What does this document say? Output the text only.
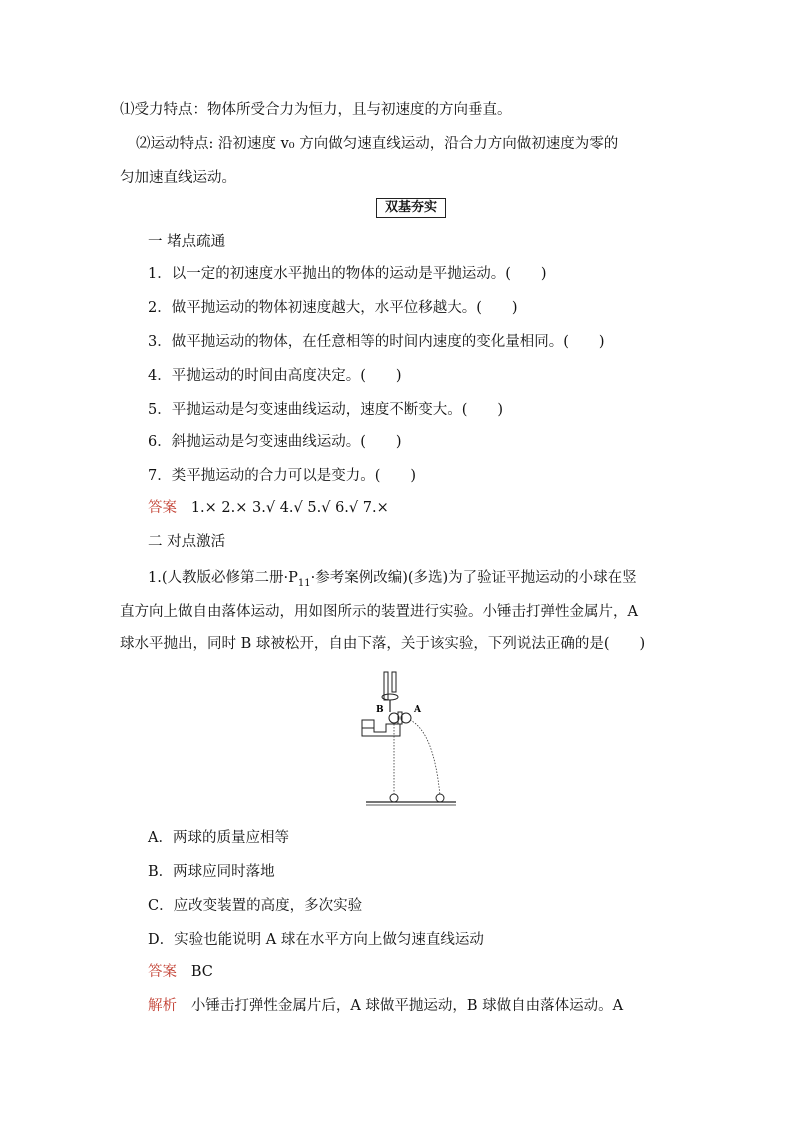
⑴受力特点：物体所受合力为恒力，且与初速度的方向垂直。
⑵运动特点: 沿初速度 v₀ 方向做匀速直线运动，沿合力方向做初速度为零的
匀加速直线运动。
双基夯实
一 堵点疏通
1．以一定的初速度水平抛出的物体的运动是平抛运动。( )
2．做平抛运动的物体初速度越大，水平位移越大。( )
3．做平抛运动的物体，在任意相等的时间内速度的变化量相同。( )
4．平抛运动的时间由高度决定。( )
5．平抛运动是匀变速曲线运动，速度不断变大。( )
6．斜抛运动是匀变速曲线运动。( )
7．类平抛运动的合力可以是变力。( )
答案 1.× 2.× 3.√ 4.√ 5.√ 6.√ 7.×
二 对点激活
1.(人教版必修第二册$\cdot P_{11}\cdot$参考案例改编)(多选)为了验证平抛运动的小球在竖
直方向上做自由落体运动，用如图所示的装置进行实验。小锤击打弹性金属片，A
球水平抛出，同时 B 球被松开，自由下落，关于该实验，下列说法正确的是( )
B	A
A．两球的质量应相等
B．两球应同时落地
C．应改变装置的高度，多次实验
D．实验也能说明 A 球在水平方向上做匀速直线运动
答案 BC
解析 小锤击打弹性金属片后，A 球做平抛运动，B 球做自由落体运动。A
